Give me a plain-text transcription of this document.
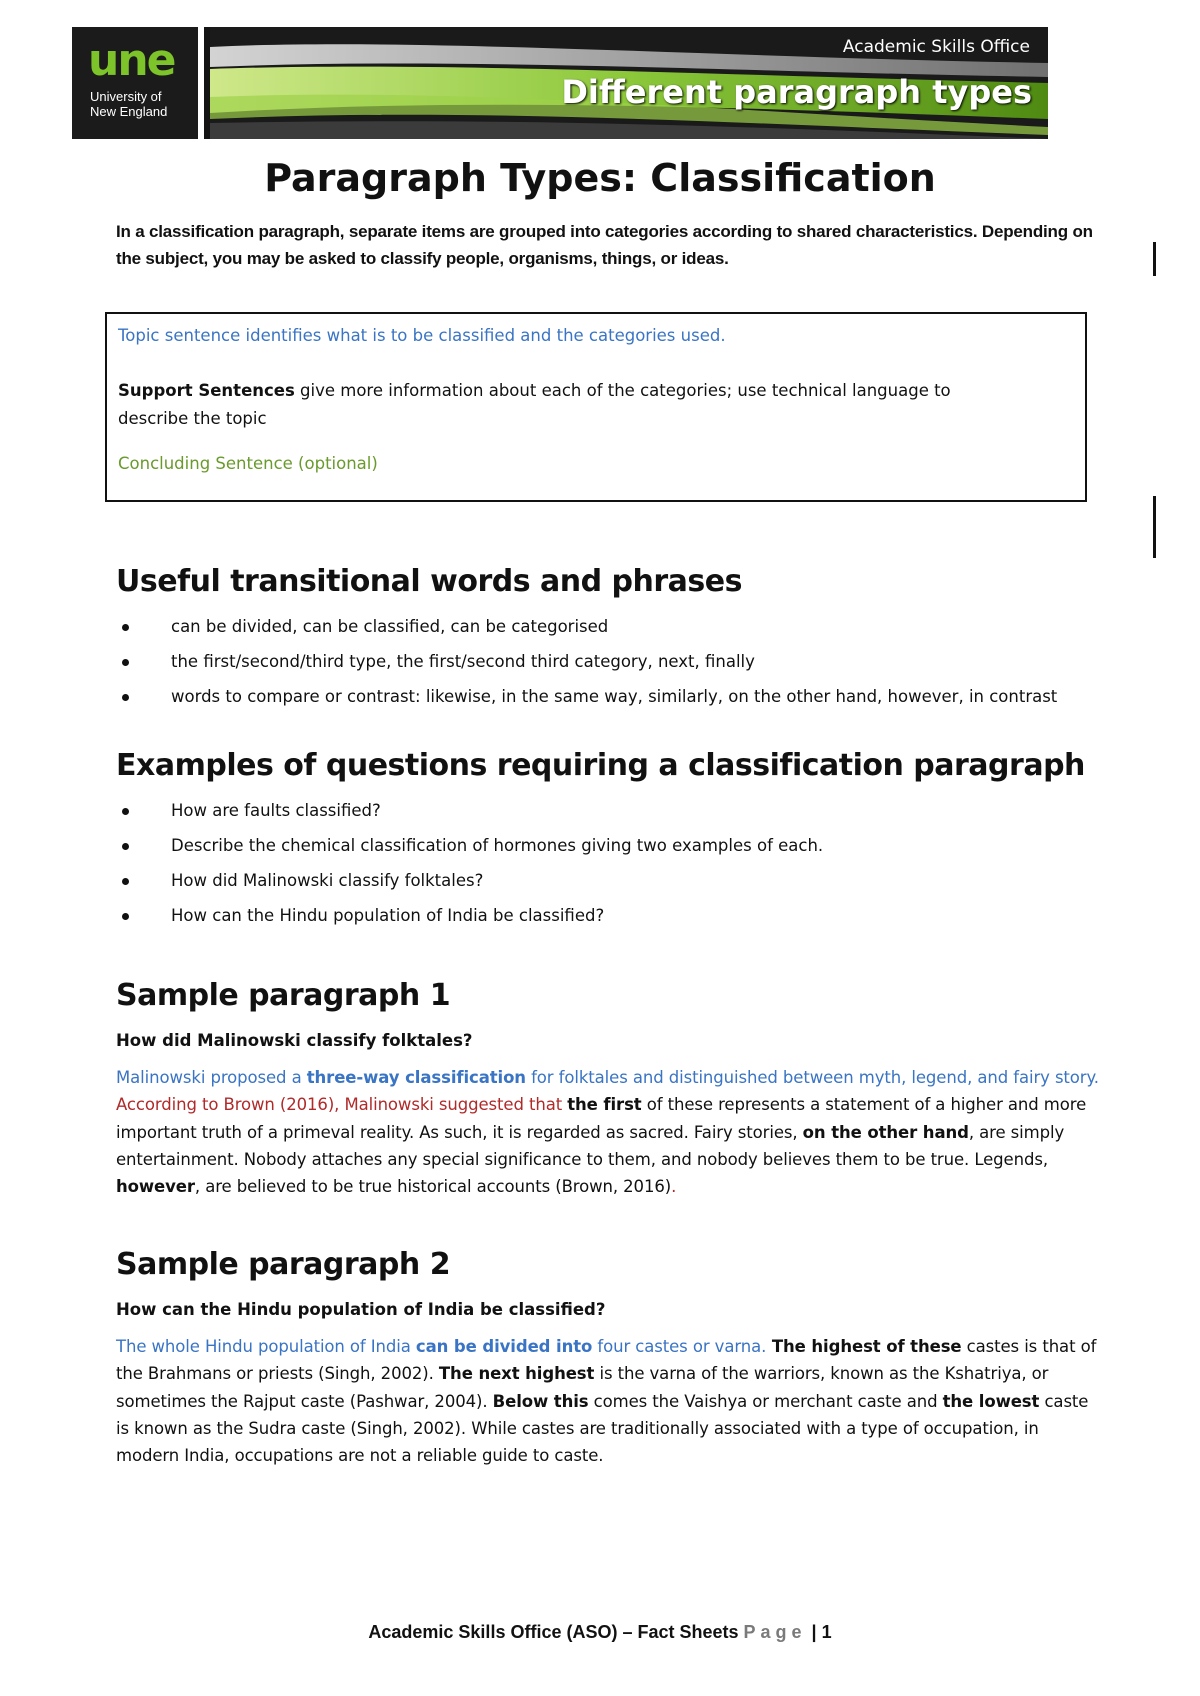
une
University of
New England
Academic Skills Office
Different paragraph types
Paragraph Types: Classification

In a classification paragraph, separate items are grouped into categories according to shared characteristics. Depending on the subject, you may be asked to classify people, organisms, things, or ideas.

Topic sentence identifies what is to be classified and the categories used.
Support Sentences give more information about each of the categories; use technical language to
describe the topic
Concluding Sentence (optional)
Useful transitional words and phrases
can be divided, can be classified, can be categorised
the first/second/third type, the first/second third category, next, finally
words to compare or contrast: likewise, in the same way, similarly, on the other hand, however, in contrast
Examples of questions requiring a classification paragraph
How are faults classified?
Describe the chemical classification of hormones giving two examples of each.
How did Malinowski classify folktales?
How can the Hindu population of India be classified?
Sample paragraph 1
How did Malinowski classify folktales?

Malinowski proposed a three-way classification for folktales and distinguished between myth, legend, and fairy story. According to Brown (2016), Malinowski suggested that the first of these represents a statement of a higher and more important truth of a primeval reality. As such, it is regarded as sacred. Fairy stories, on the other hand, are simply entertainment. Nobody attaches any special significance to them, and nobody believes them to be true. Legends, however, are believed to be true historical accounts (Brown, 2016).

Sample paragraph 2
How can the Hindu population of India be classified?

The whole Hindu population of India can be divided into four castes or varna. The highest of these castes is that of the Brahmans or priests (Singh, 2002). The next highest is the varna of the warriors, known as the Kshatriya, or sometimes the Rajput caste (Pashwar, 2004). Below this comes the Vaishya or merchant caste and the lowest caste is known as the Sudra caste (Singh, 2002). While castes are traditionally associated with a type of occupation, in modern India, occupations are not a reliable guide to caste.

Academic Skills Office (ASO) – Fact Sheets Page | 1
